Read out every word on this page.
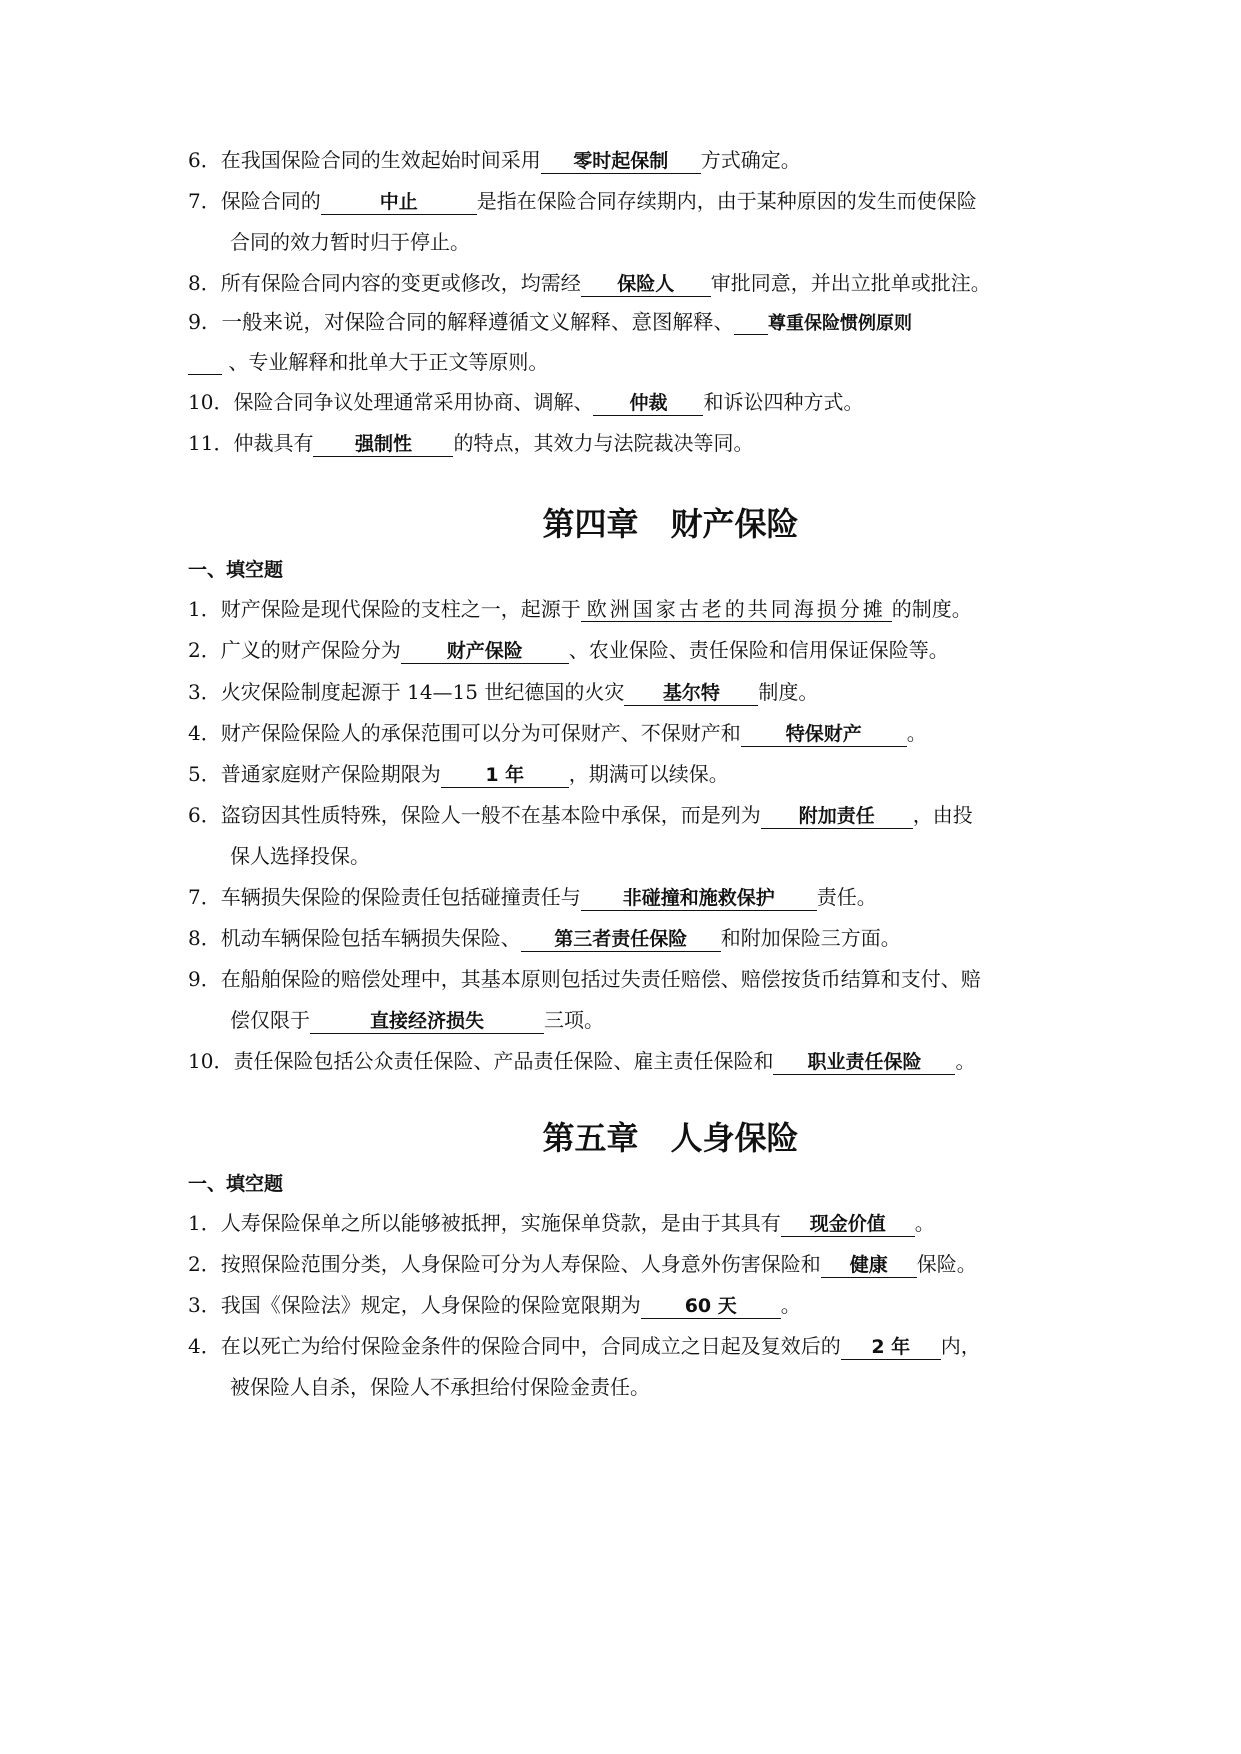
6．在我国保险合同的生效起始时间采用 零时起保制 方式确定。
7．保险合同的	中止	是指在保险合同存续期内，由于某种原因的发生而使保险
合同的效力暂时归于停止。
8．所有保险合同内容的变更或修改，均需经 保险人 审批同意，并出立批单或批注。
9．一般来说，对保险合同的解释遵循文义解释、意图解释、 尊重保险惯例原则
、专业解释和批单大于正文等原则。
10．保险合同争议处理通常采用协商、调解、 仲裁 和诉讼四种方式。
11．仲裁具有 强制性 的特点，其效力与法院裁决等同。
第四章　财产保险
一、填空题
1．财产保险是现代保险的支柱之一，起源于 欧洲国家古老的共同海损分摊 的制度。
2．广义的财产保险分为 财产保险 、农业保险、责任保险和信用保证保险等。
3．火灾保险制度起源于 14—15 世纪德国的火灾 基尔特 制度。
4．财产保险保险人的承保范围可以分为可保财产、不保财产和 特保财产 。
5．普通家庭财产保险期限为 1 年 ，期满可以续保。
6．盗窃因其性质特殊，保险人一般不在基本险中承保，而是列为 附加责任 ，由投
保人选择投保。
7．车辆损失保险的保险责任包括碰撞责任与 非碰撞和施救保护 责任。
8．机动车辆保险包括车辆损失保险、 第三者责任保险 和附加保险三方面。
9．在船舶保险的赔偿处理中，其基本原则包括过失责任赔偿、赔偿按货币结算和支付、赔
偿仅限于	直接经济损失	三项。
10．责任保险包括公众责任保险、产品责任保险、雇主责任保险和 职业责任保险 。
第五章　人身保险
一、填空题
1．人寿保险保单之所以能够被抵押，实施保单贷款，是由于其具有 现金价值 。
2．按照保险范围分类，人身保险可分为人寿保险、人身意外伤害保险和 健康 保险。
3．我国《保险法》规定，人身保险的保险宽限期为 60 天 。
4．在以死亡为给付保险金条件的保险合同中，合同成立之日起及复效后的 2 年 内，
被保险人自杀，保险人不承担给付保险金责任。
